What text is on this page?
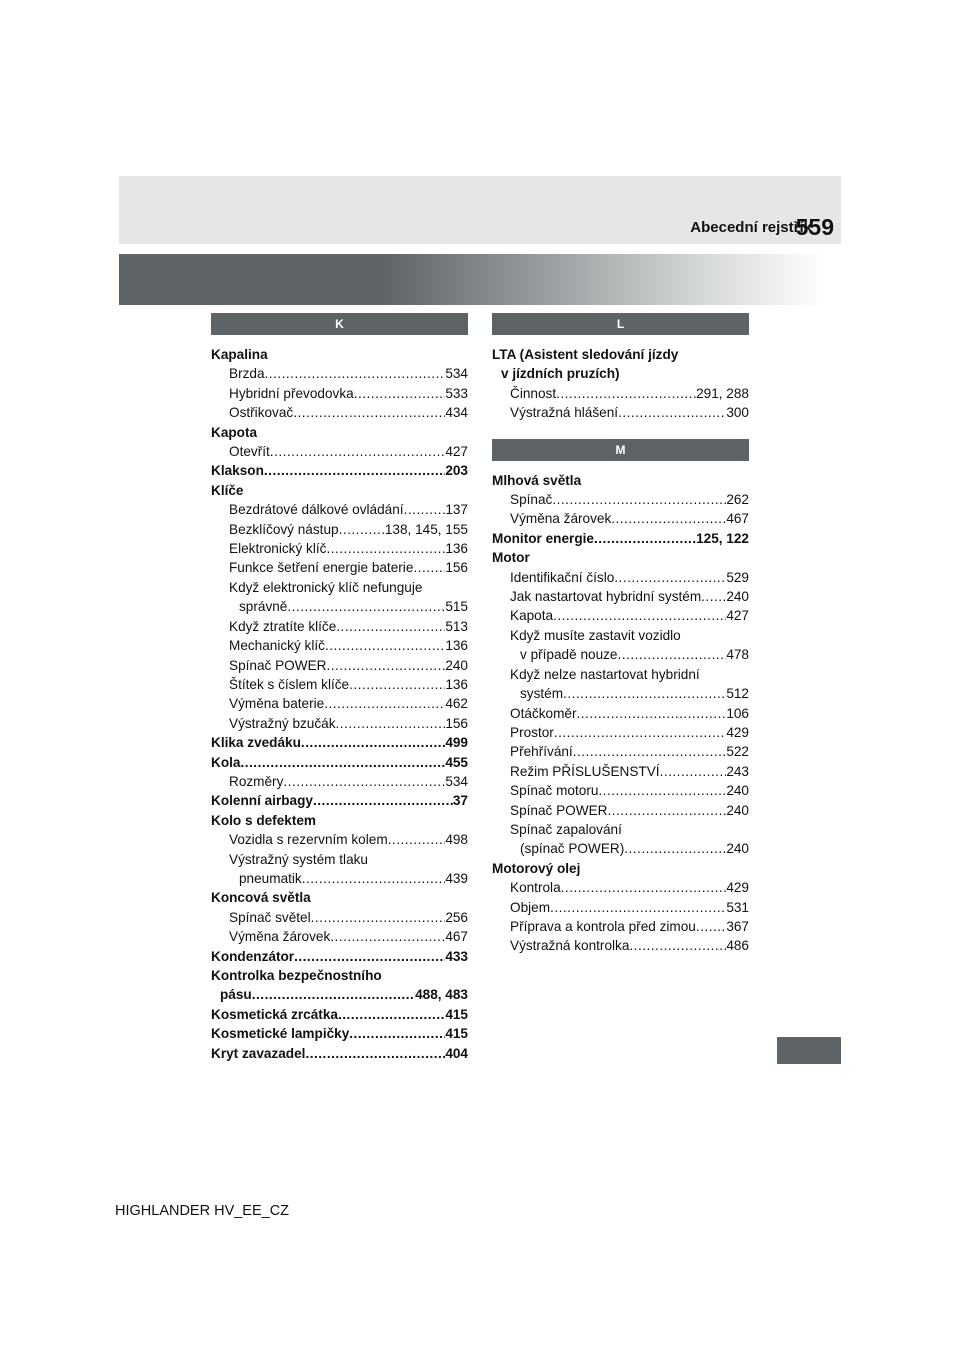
Abecední rejstřík
559
K
Kapalina
Brzda .....	534
Hybridní převodovka .....	533
Ostřikovač .....	434
Kapota
Otevřít .....	427
Klakson .....	203
Klíče
Bezdrátové dálkové ovládání .....	137
Bezklíčový nástup .....	138, 145, 155
Elektronický klíč .....	136
Funkce šetření energie baterie ..... 156
Když elektronický klíč nefunguje
správně .....	515
Když ztratíte klíče .....	513
Mechanický klíč .....	136
Spínač POWER .....	240
Štítek s číslem klíče .....	136
Výměna baterie .....	462
Výstražný bzučák .....	156
Klika zvedáku .....	499
Kola .....	455
Rozměry .....	534
Kolenní airbagy .....	37
Kolo s defektem
Vozidla s rezervním kolem .....	498
Výstražný systém tlaku
pneumatik .....	439
Koncová světla
Spínač světel .....	256
Výměna žárovek .....	467
Kondenzátor .....	433
Kontrolka bezpečnostního
pásu .....	488, 483
Kosmetická zrcátka .....	415
Kosmetické lampičky .....	415
Kryt zavazadel .....	404
L
LTA (Asistent sledování jízdy
v jízdních pruzích)
Činnost .....	291, 288
Výstražná hlášení .....	300
M
Mlhová světla
Spínač .....	262
Výměna žárovek .....	467
Monitor energie .....	125, 122
Motor
Identifikační číslo .....	529
Jak nastartovat hybridní systém ..... 240
Kapota .....	427
Když musíte zastavit vozidlo
v případě nouze .....	478
Když nelze nastartovat hybridní
systém .....	512
Otáčkoměr .....	106
Prostor .....	429
Přehřívání .....	522
Režim PŘÍSLUŠENSTVÍ .....	243
Spínač motoru .....	240
Spínač POWER .....	240
Spínač zapalování
(spínač POWER) .....	240
Motorový olej
Kontrola .....	429
Objem .....	531
Příprava a kontrola před zimou ..... 367
Výstražná kontrolka .....	486
HIGHLANDER HV_EE_CZ
